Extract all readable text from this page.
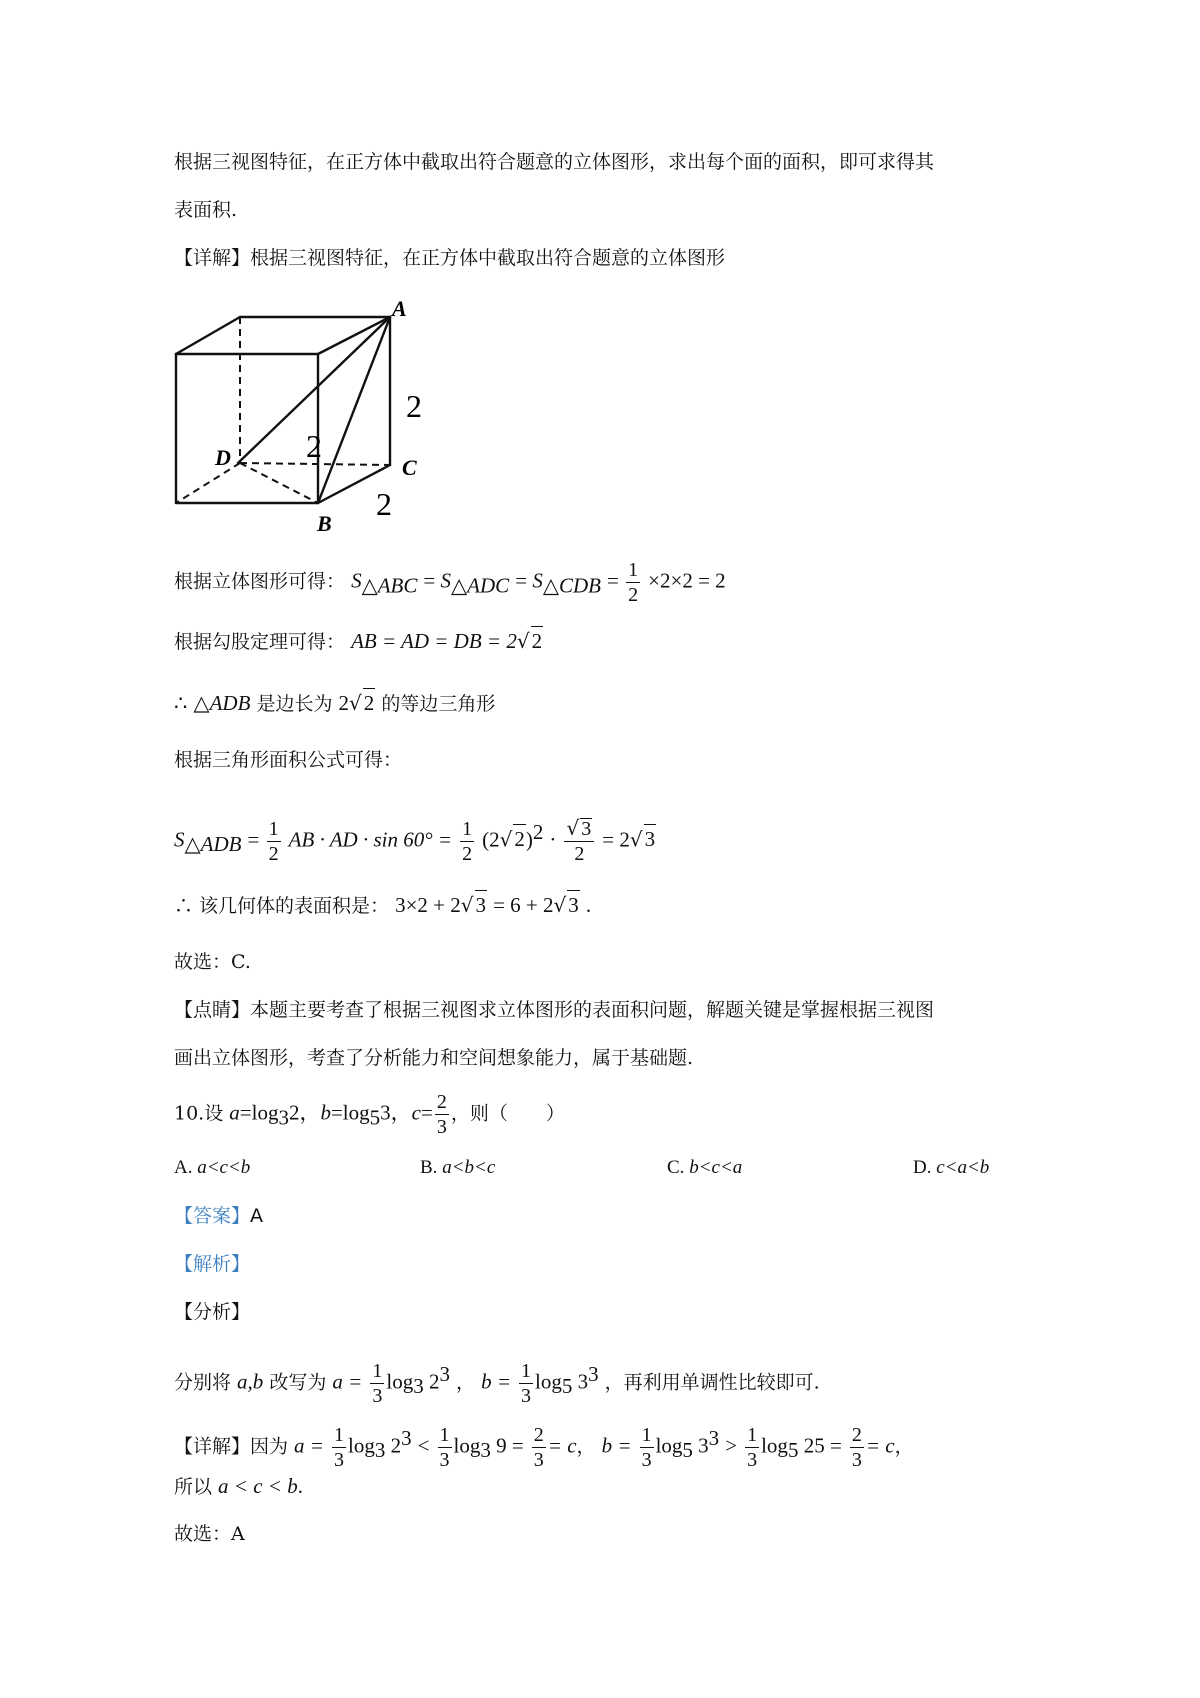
根据三视图特征，在正方体中截取出符合题意的立体图形，求出每个面的面积，即可求得其
表面积.
【详解】根据三视图特征，在正方体中截取出符合题意的立体图形
A
D	C
B
2
2
2
根据立体图形可得： $S_{\triangle ABC} = S_{\triangle ADC} = S_{\triangle CDB} = \frac{1}{2} \times 2\times 2 = 2$
根据勾股定理可得： AB = AD = DB = 2√2
∴ △ADB 是边长为 2√2 的等边三角形
根据三角形面积公式可得：
$S_{\triangle ADB} = \frac{1}{2}$ AB · AD · $\sin 60^\circ = \frac{1}{2} (2√2)^2 \cdot \frac{√ 3}{2} = 2√3$
∴ 该几何体的表面积是： 3×2 + 2√3 = 6 + 2√3 .
故选：C.
【点睛】本题主要考查了根据三视图求立体图形的表面积问题，解题关键是掌握根据三视图
画出立体图形，考查了分析能力和空间想象能力，属于基础题.
10.设 $a=\log_32$，$b=\log_53$，$c= \frac{2}{3}$ ，则（　　）
A. a<c<b	B. a<b<c	C. b<c<a	D. c<a<b
【答案】A
【解析】
【分析】
分别将 a,b 改写为 $a = \frac{1}{3} \log_3 2^3$ ， $b = \frac{1}{3} \log_5 3^3$ ，再利用单调性比较即可.
【详解】因为 $a = \frac{1}{3} \log_3 2^3 < \frac{1}{3} \log_3 9 = \frac{2}{3} = c$， $b = \frac{1}{3} \log_5 3^3 > \frac{1}{3} \log_5 25 = \frac{2}{3} = c$，
所以 a < c < b.
故选：A
